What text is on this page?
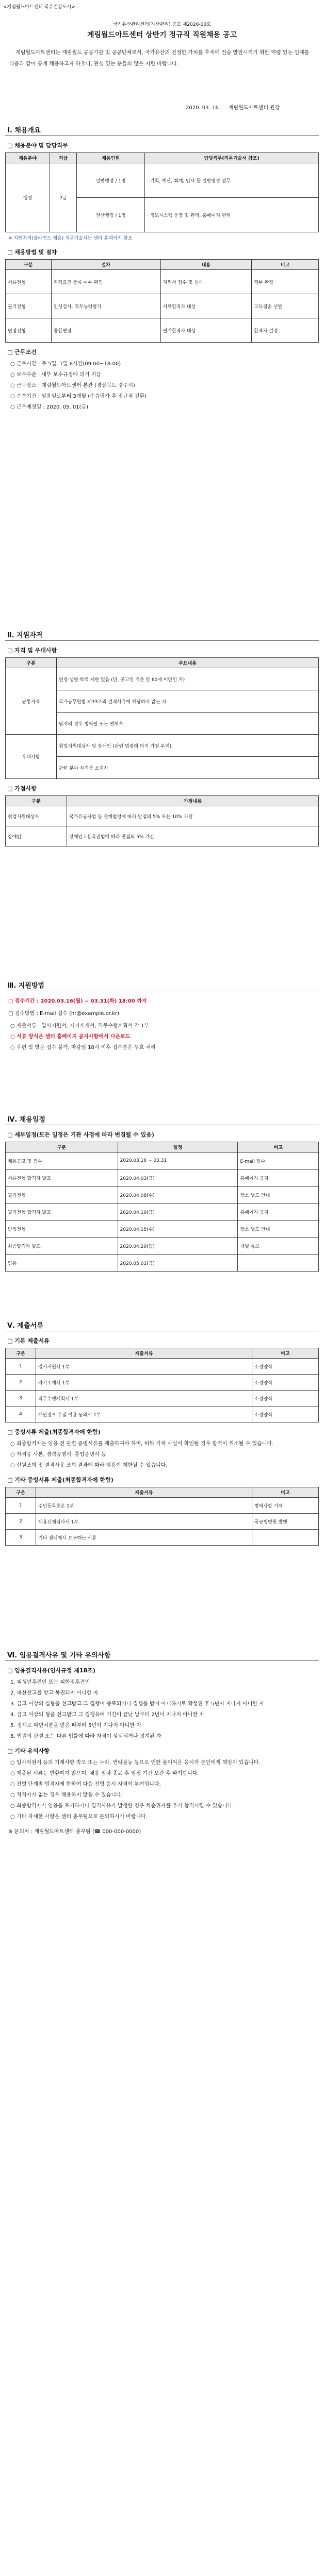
<계림월드아트센터 국유건강도시>
국가유산관리센터(자산관리) 공고 제2020-00호
계림월드아트센터 상반기 정규직 직원채용 공고
계림월드아트센터는 계림월드 공공기관 및 공공단체로서, 국가유산의 진정한 가치를 후세에 전승 발전시키기 위한 역량 있는 인재를 다음과 같이 공개 채용하고자 하오니, 관심 있는 분들의 많은 지원 바랍니다.
2020. 03. 16. 계림월드아트센터 원장
Ⅰ. 채용개요
□ 채용분야 및 담당직무
채용분야	직급	채용인원	담당직무(직무기술서 참조)
행정	7급	일반행정 / 1명	· 기획, 예산, 회계, 인사 등 일반행정 업무
		전산행정 / 1명	· 정보시스템 운영 및 관리, 홈페이지 관리
※ 지원자격(블라인드 채용) 직무기술서는 센터 홈페이지 참조
□ 채용방법 및 절차
구분	절차	내용	비고
서류전형	자격요건 충족 여부 확인	지원서 접수 및 심사	적부 판정
필기전형	인성검사, 직무능력평가	서류합격자 대상	고득점순 선발
면접전형	종합면접	필기합격자 대상	합격자 결정
□ 근무조건
○ 근무시간 : 주 5일, 1일 8시간(09:00~18:00)
○ 보수수준 : 내부 보수규정에 의거 지급
○ 근무장소 : 계림월드아트센터 본관 (경상북도 경주시)
○ 수습기간 : 임용일로부터 3개월 (수습평가 후 정규직 전환)
○ 근무예정일 : 2020. 05. 01(금)
Ⅱ. 지원자격
□ 자격 및 우대사항
구분	주요내용
공통자격	연령·성별·학력 제한 없음 (단, 공고일 기준 만 60세 미만인 자)
	국가공무원법 제33조의 결격사유에 해당하지 않는 자
	남자의 경우 병역필 또는 면제자
우대사항	취업지원대상자 및 장애인 (관련 법령에 의거 가점 부여)
	관련 분야 자격증 소지자
□ 가점사항
구분	가점내용
취업지원대상자	국가유공자법 등 관계법령에 따라 만점의 5% 또는 10% 가산
장애인	장애인고용촉진법에 따라 만점의 5% 가산
Ⅲ. 지원방법
□ 접수기간 : 2020.03.16(월) ~ 03.31(화) 18:00 까지
□ 접수방법 : E-mail 접수 (hr@example.or.kr)
○ 제출서류 : 입사지원서, 자기소개서, 직무수행계획서 각 1부
○ 서류 양식은 센터 홈페이지 공지사항에서 다운로드
○ 우편 및 방문 접수 불가, 마감일 18시 이후 접수분은 무효 처리
Ⅳ. 채용일정
□ 세부일정(모든 일정은 기관 사정에 따라 변경될 수 있음)
구분	일정	비고
채용공고 및 접수	2020.03.16 ~ 03.31	E-mail 접수
서류전형 합격자 발표	2020.04.03(금)	홈페이지 공지
필기전형	2020.04.08(수)	장소 별도 안내
필기전형 합격자 발표	2020.04.10(금)	홈페이지 공지
면접전형	2020.04.15(수)	장소 별도 안내
최종합격자 발표	2020.04.20(월)	개별 통보
임용	2020.05.01(금)	
Ⅴ. 제출서류
□ 기본 제출서류
구분	제출서류	비고
1	입사지원서 1부	소정양식
2	자기소개서 1부	소정양식
3	직무수행계획서 1부	소정양식
4	개인정보 수집 이용 동의서 1부	소정양식
□ 증빙서류 제출(최종합격자에 한함)
○ 최종합격자는 임용 전 관련 증빙서류를 제출하여야 하며, 허위 기재 사실이 확인될 경우 합격이 취소될 수 있습니다.
○ 자격증 사본, 경력증명서, 졸업증명서 등
○ 신원조회 및 결격사유 조회 결과에 따라 임용이 제한될 수 있습니다.
□ 기타 증빙서류 제출(최종합격자에 한함)
구분	제출서류	비고
1	주민등록초본 1부	병역사항 기재
2	채용신체검사서 1부	국공립병원 발행
3	기타 센터에서 요구하는 서류	
Ⅵ. 임용결격사유 및 기타 유의사항
□ 임용결격사유(인사규정 제18조)
1. 피성년후견인 또는 피한정후견인
2. 파산선고를 받고 복권되지 아니한 자
3. 금고 이상의 실형을 선고받고 그 집행이 종료되거나 집행을 받지 아니하기로 확정된 후 5년이 지나지 아니한 자
4. 금고 이상의 형을 선고받고 그 집행유예 기간이 끝난 날부터 2년이 지나지 아니한 자
5. 징계로 파면처분을 받은 때부터 5년이 지나지 아니한 자
6. 법원의 판결 또는 다른 법률에 따라 자격이 상실되거나 정지된 자
□ 기타 유의사항
○ 입사지원서 등의 기재사항 착오 또는 누락, 연락불능 등으로 인한 불이익은 응시자 본인에게 책임이 있습니다.
○ 제출된 서류는 반환하지 않으며, 채용 절차 종료 후 일정 기간 보관 후 파기합니다.
○ 전형 단계별 합격자에 한하여 다음 전형 응시 자격이 부여됩니다.
○ 적격자가 없는 경우 채용하지 않을 수 있습니다.
○ 최종합격자가 임용을 포기하거나 결격사유가 발생한 경우 차순위자를 추가 합격시킬 수 있습니다.
○ 기타 자세한 사항은 센터 총무팀으로 문의하시기 바랍니다.
※ 문의처 : 계림월드아트센터 총무팀 (☎ 000-000-0000)
